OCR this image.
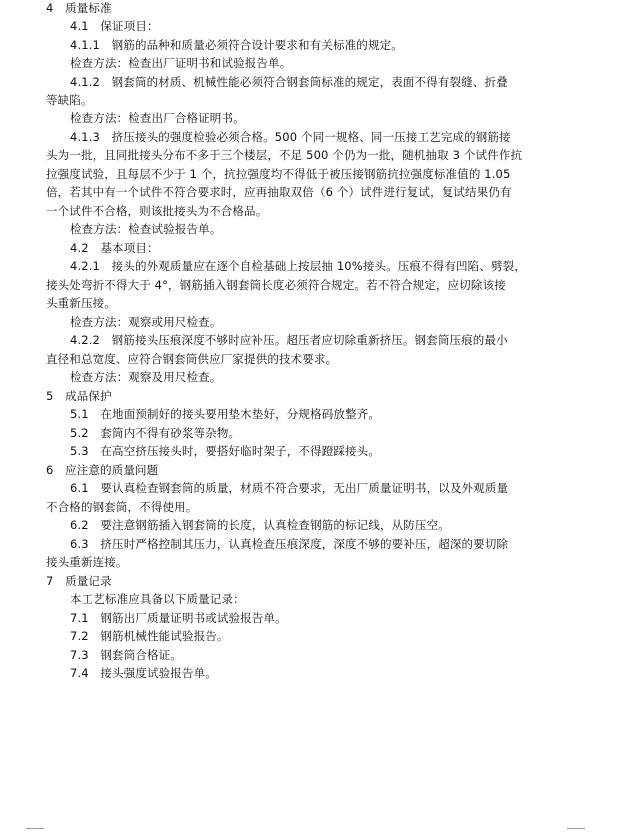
4　质量标准
4.1　保证项目：
4.1.1　钢筋的品种和质量必须符合设计要求和有关标准的规定。
检查方法：检查出厂证明书和试验报告单。
4.1.2　钢套筒的材质、机械性能必须符合钢套筒标准的规定，表面不得有裂缝、折叠
等缺陷。
检查方法：检查出厂合格证明书。
4.1.3　挤压接头的强度检验必须合格。500 个同一规格、同一压接工艺完成的钢筋接
头为一批，且同批接头分布不多于三个楼层，不足 500 个仍为一批，随机抽取 3 个试件作抗
拉强度试验，且每层不少于 1 个，抗拉强度均不得低于被压接钢筋抗拉强度标准值的 1.05
倍，若其中有一个试件不符合要求时，应再抽取双倍（6 个）试件进行复试，复试结果仍有
一个试件不合格，则该批接头为不合格品。
检查方法：检查试验报告单。
4.2　基本项目：
4.2.1　接头的外观质量应在逐个自检基础上按层抽 10%接头。压痕不得有凹陷、劈裂，
接头处弯折不得大于 4°，钢筋插入钢套筒长度必须符合规定。若不符合规定，应切除该接
头重新压接。
检查方法：观察或用尺检查。
4.2.2　钢筋接头压痕深度不够时应补压。超压者应切除重新挤压。钢套筒压痕的最小
直径和总宽度、应符合钢套筒供应厂家提供的技术要求。
检查方法：观察及用尺检查。
5　成品保护
5.1　在地面预制好的接头要用垫木垫好，分规格码放整齐。
5.2　套筒内不得有砂浆等杂物。
5.3　在高空挤压接头时，要搭好临时架子，不得蹬踩接头。
6　应注意的质量问题
6.1　要认真检查钢套筒的质量，材质不符合要求，无出厂质量证明书，以及外观质量
不合格的钢套筒，不得使用。
6.2　要注意钢筋插入钢套筒的长度，认真检查钢筋的标记线，从防压空。
6.3　挤压时严格控制其压力，认真检查压痕深度，深度不够的要补压，超深的要切除
接头重新连接。
7　质量记录
本工艺标准应具备以下质量记录：
7.1　钢筋出厂质量证明书或试验报告单。
7.2　钢筋机械性能试验报告。
7.3　钢套筒合格证。
7.4　接头强度试验报告单。
